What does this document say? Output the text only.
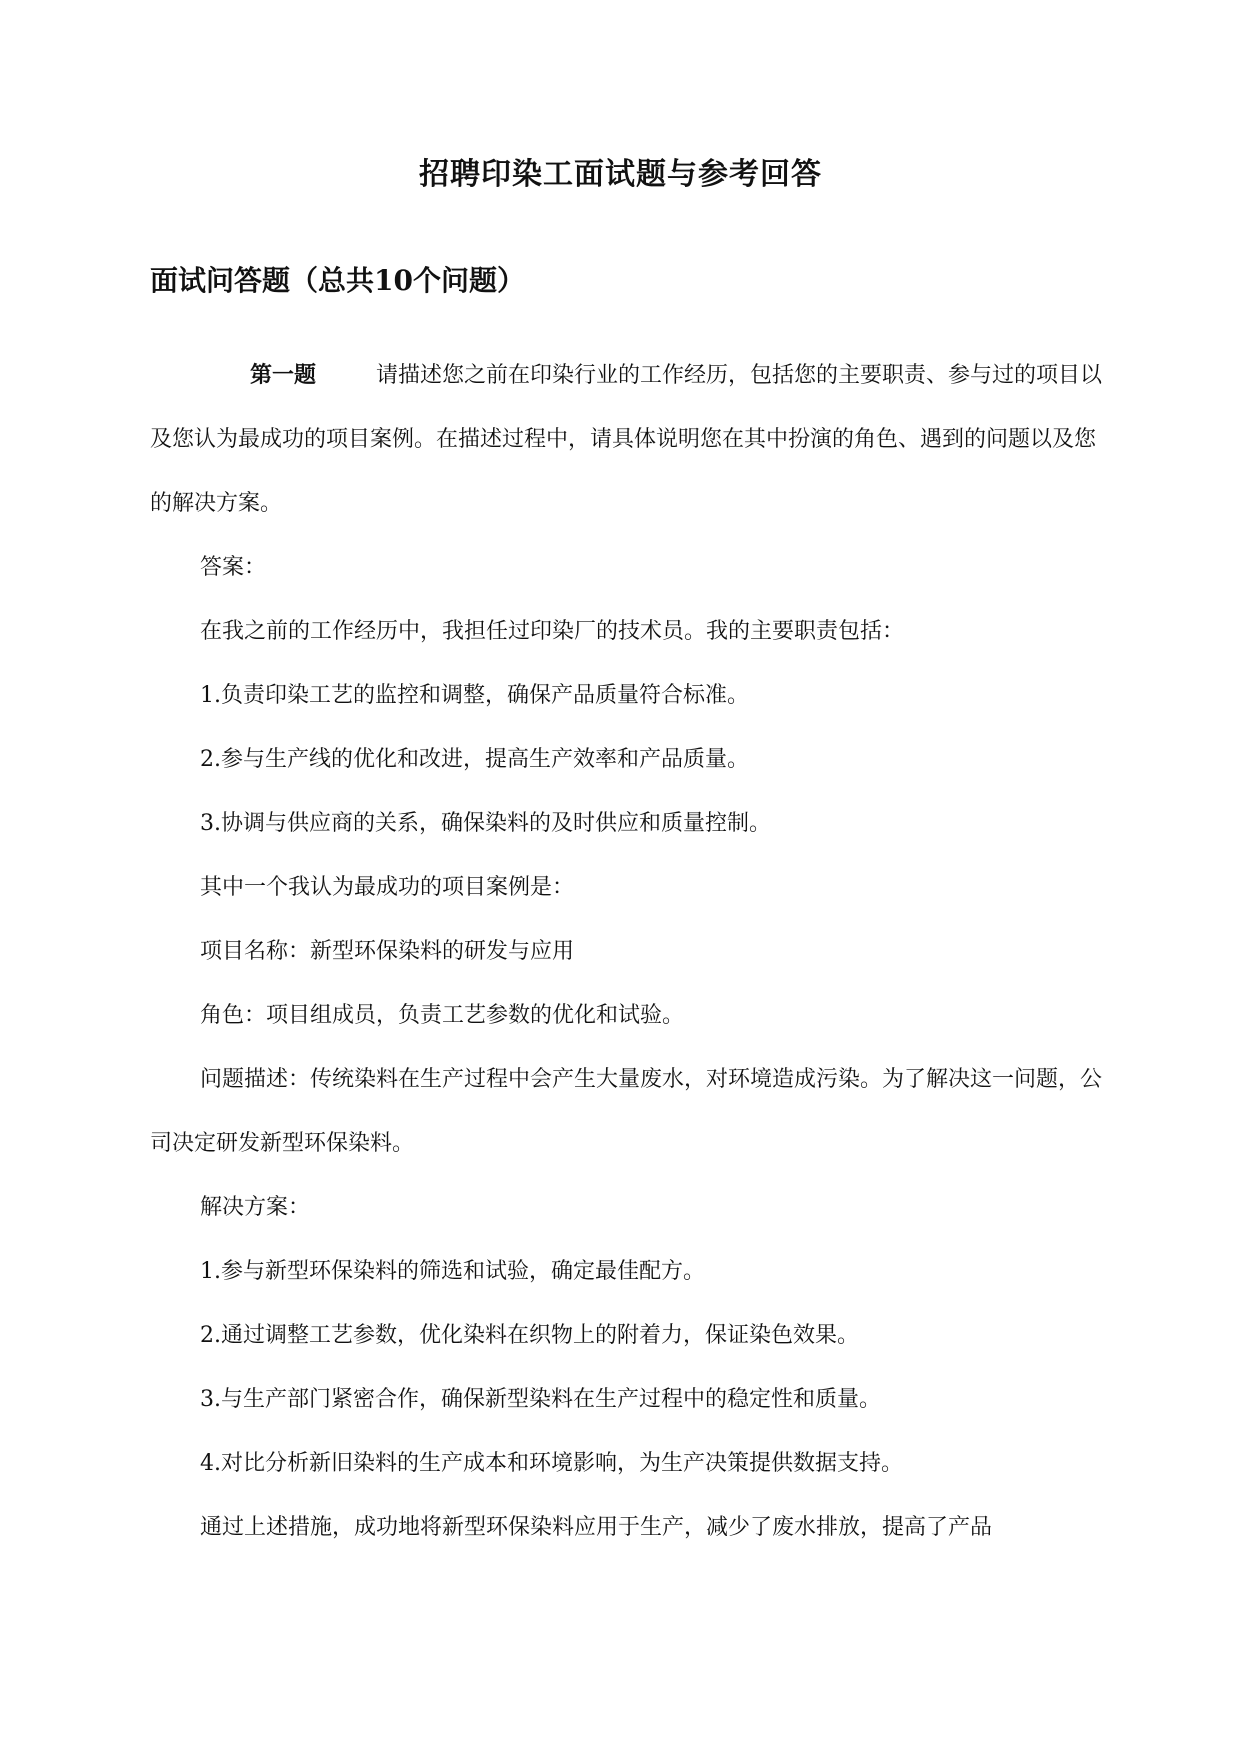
招聘印染工面试题与参考回答
面试问答题（总共10个问题）

第一题	请描述您之前在印染行业的工作经历，包括您的主要职责、参与过的项目以及您认为最成功的项目案例。在描述过程中，请具体说明您在其中扮演的角色、遇到的问题以及您的解决方案。

答案：

在我之前的工作经历中，我担任过印染厂的技术员。我的主要职责包括：

1.负责印染工艺的监控和调整，确保产品质量符合标准。

2.参与生产线的优化和改进，提高生产效率和产品质量。

3.协调与供应商的关系，确保染料的及时供应和质量控制。

其中一个我认为最成功的项目案例是：

项目名称：新型环保染料的研发与应用

角色：项目组成员，负责工艺参数的优化和试验。

问题描述：传统染料在生产过程中会产生大量废水，对环境造成污染。为了解决这一问题，公司决定研发新型环保染料。

解决方案：

1.参与新型环保染料的筛选和试验，确定最佳配方。

2.通过调整工艺参数，优化染料在织物上的附着力，保证染色效果。

3.与生产部门紧密合作，确保新型染料在生产过程中的稳定性和质量。

4.对比分析新旧染料的生产成本和环境影响，为生产决策提供数据支持。

通过上述措施，成功地将新型环保染料应用于生产，减少了废水排放，提高了产品
